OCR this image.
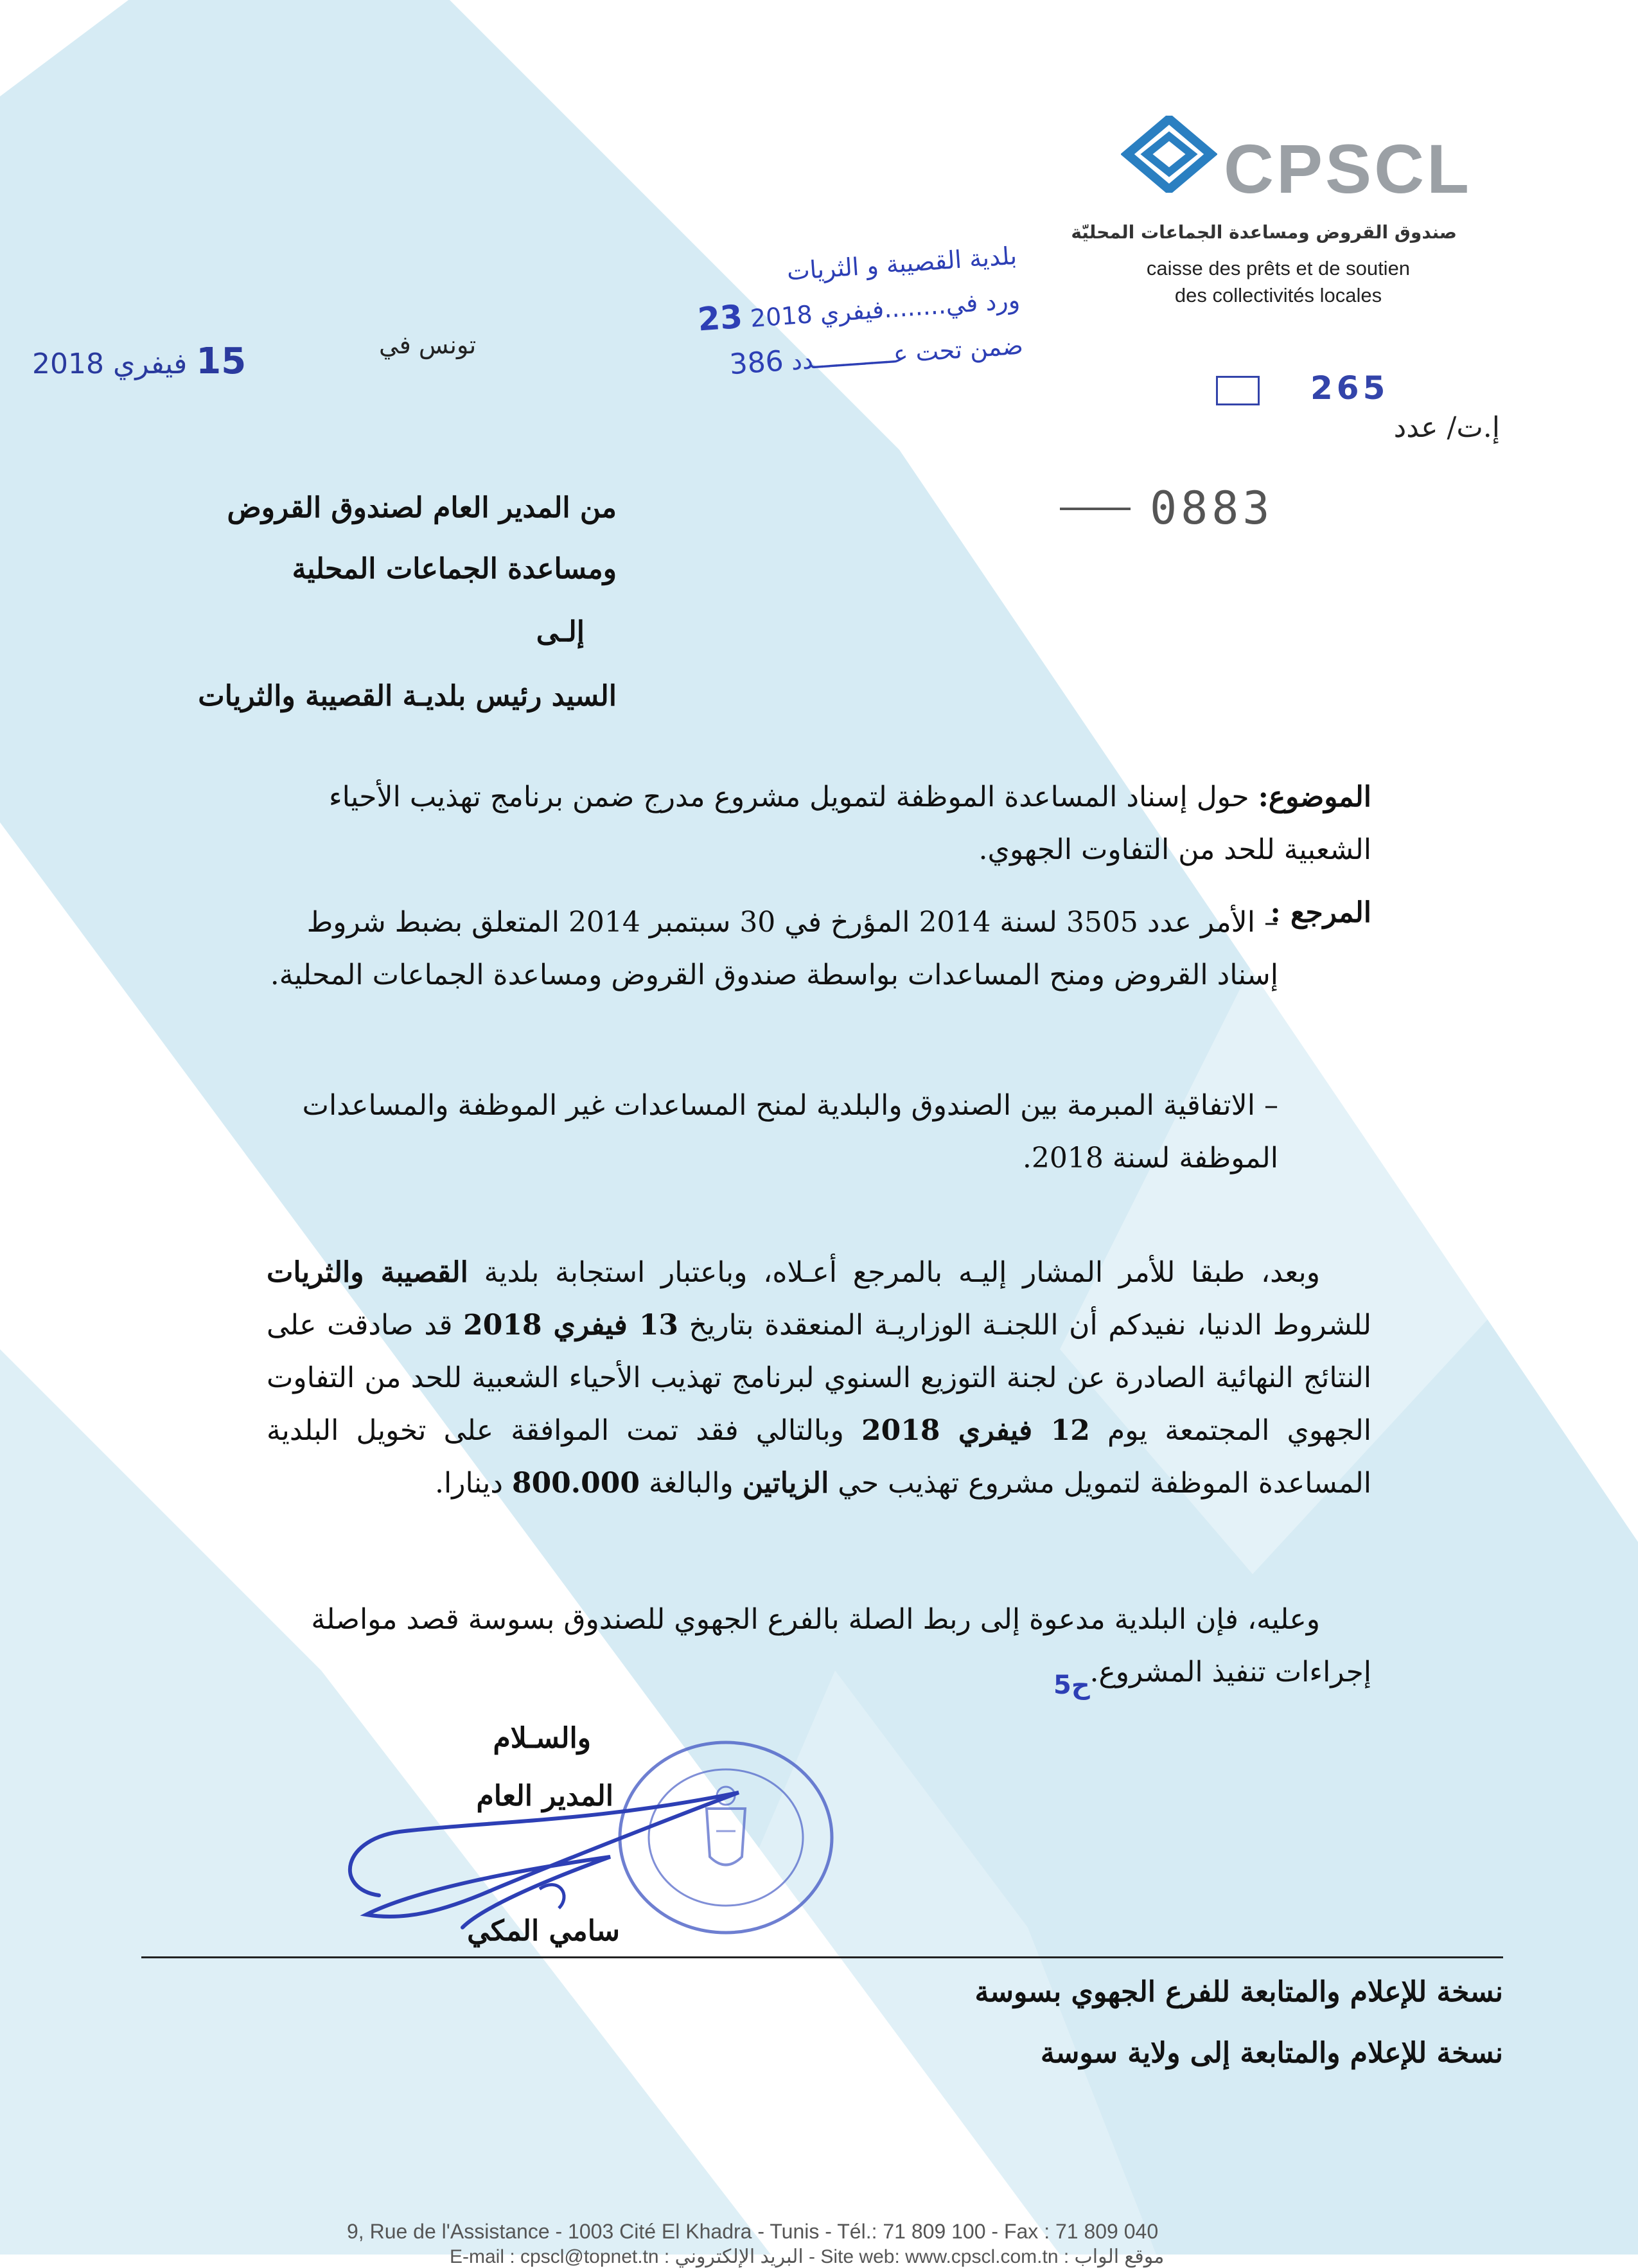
CPSCL
صندوق القروض ومساعدة الجماعات المحليّة
caisse des prêts et de soutien
des collectivités locales
تونس في
15 فيفري 2018
265
إ.ت/ عدد
0883
بلدية القصيبة و الثريات
ورد في........فيفري 2018 23
ضمن تحت عـــــــــــدد 386
من المدير العام لصندوق القروض
ومساعدة الجماعات المحلية
إلـى
السيد رئيس بلديـة القصيبة والثريات
الموضوع: حول إسناد المساعدة الموظفة لتمويل مشروع مدرج ضمن برنامج تهذيب الأحياء الشعبية للحد من التفاوت الجهوي.
المرجع :
– الأمر عدد 3505 لسنة 2014 المؤرخ في 30 سبتمبر 2014 المتعلق بضبط شروط إسناد القروض ومنح المساعدات بواسطة صندوق القروض ومساعدة الجماعات المحلية.
– الاتفاقية المبرمة بين الصندوق والبلدية لمنح المساعدات غير الموظفة والمساعدات الموظفة لسنة 2018.
وبعد، طبقا للأمر المشار إليـه بالمرجع أعـلاه، وباعتبار استجابة بلدية القصيبة والثريات للشروط الدنيا، نفيدكم أن اللجنـة الوزاريـة المنعقدة بتاريخ 13 فيفري 2018 قد صادقت على النتائج النهائية الصادرة عن لجنة التوزيع السنوي لبرنامج تهذيب الأحياء الشعبية للحد من التفاوت الجهوي المجتمعة يوم 12 فيفري 2018 وبالتالي فقد تمت الموافقة على تخويل البلدية المساعدة الموظفة لتمويل مشروع تهذيب حي الزياتين والبالغة 800.000 دينارا.
وعليه، فإن البلدية مدعوة إلى ربط الصلة بالفرع الجهوي للصندوق بسوسة قصد مواصلة إجراءات تنفيذ المشروع.
5ح
والسـلام
المدير العام
سامي المكي
نسخة للإعلام والمتابعة للفرع الجهوي بسوسة
نسخة للإعلام والمتابعة إلى ولاية سوسة
9, Rue de l'Assistance - 1003 Cité El Khadra - Tunis - Tél.: 71 809 100 - Fax : 71 809 040
E-mail : cpscl@topnet.tn : البريد الإلكتروني - Site web: www.cpscl.com.tn : موقع الواب
